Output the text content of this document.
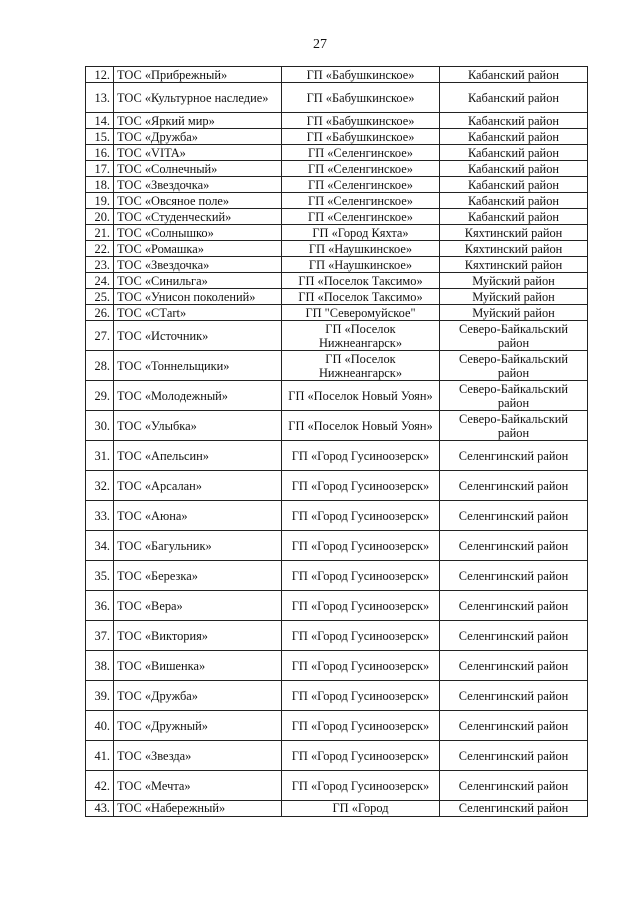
27
12.	ТОС «Прибрежный»	ГП «Бабушкинское»	Кабанский район
13.	ТОС «Культурное наследие»	ГП «Бабушкинское»	Кабанский район
14.	ТОС «Яркий мир»	ГП «Бабушкинское»	Кабанский район
15.	ТОС «Дружба»	ГП «Бабушкинское»	Кабанский район
16.	ТОС «VITA»	ГП «Селенгинское»	Кабанский район
17.	ТОС «Солнечный»	ГП «Селенгинское»	Кабанский район
18.	ТОС «Звездочка»	ГП «Селенгинское»	Кабанский район
19.	ТОС «Овсяное поле»	ГП «Селенгинское»	Кабанский район
20.	ТОС «Студенческий»	ГП «Селенгинское»	Кабанский район
21.	ТОС «Солнышко»	ГП «Город Кяхта»	Кяхтинский район
22.	ТОС «Ромашка»	ГП «Наушкинское»	Кяхтинский район
23.	ТОС «Звездочка»	ГП «Наушкинское»	Кяхтинский район
24.	ТОС «Синильга»	ГП «Поселок Таксимо»	Муйский район
25.	ТОС «Унисон поколений»	ГП «Поселок Таксимо»	Муйский район
26.	ТОС «СТart»	ГП "Северомуйское"	Муйский район
27.	ТОС «Источник»	ГП «Поселок Нижнеангарск»	Северо-Байкальский район
28.	ТОС «Тоннельщики»	ГП «Поселок Нижнеангарск»	Северо-Байкальский район
29.	ТОС «Молодежный»	ГП «Поселок Новый Уоян»	Северо-Байкальский район
30.	ТОС «Улыбка»	ГП «Поселок Новый Уоян»	Северо-Байкальский район
31.	ТОС «Апельсин»	ГП «Город Гусиноозерск»	Селенгинский район
32.	ТОС «Арсалан»	ГП «Город Гусиноозерск»	Селенгинский район
33.	ТОС «Аюна»	ГП «Город Гусиноозерск»	Селенгинский район
34.	ТОС «Багульник»	ГП «Город Гусиноозерск»	Селенгинский район
35.	ТОС «Березка»	ГП «Город Гусиноозерск»	Селенгинский район
36.	ТОС «Вера»	ГП «Город Гусиноозерск»	Селенгинский район
37.	ТОС «Виктория»	ГП «Город Гусиноозерск»	Селенгинский район
38.	ТОС «Вишенка»	ГП «Город Гусиноозерск»	Селенгинский район
39.	ТОС «Дружба»	ГП «Город Гусиноозерск»	Селенгинский район
40.	ТОС «Дружный»	ГП «Город Гусиноозерск»	Селенгинский район
41.	ТОС «Звезда»	ГП «Город Гусиноозерск»	Селенгинский район
42.	ТОС «Мечта»	ГП «Город Гусиноозерск»	Селенгинский район
43.	ТОС «Набережный»	ГП «Город	Селенгинский район
